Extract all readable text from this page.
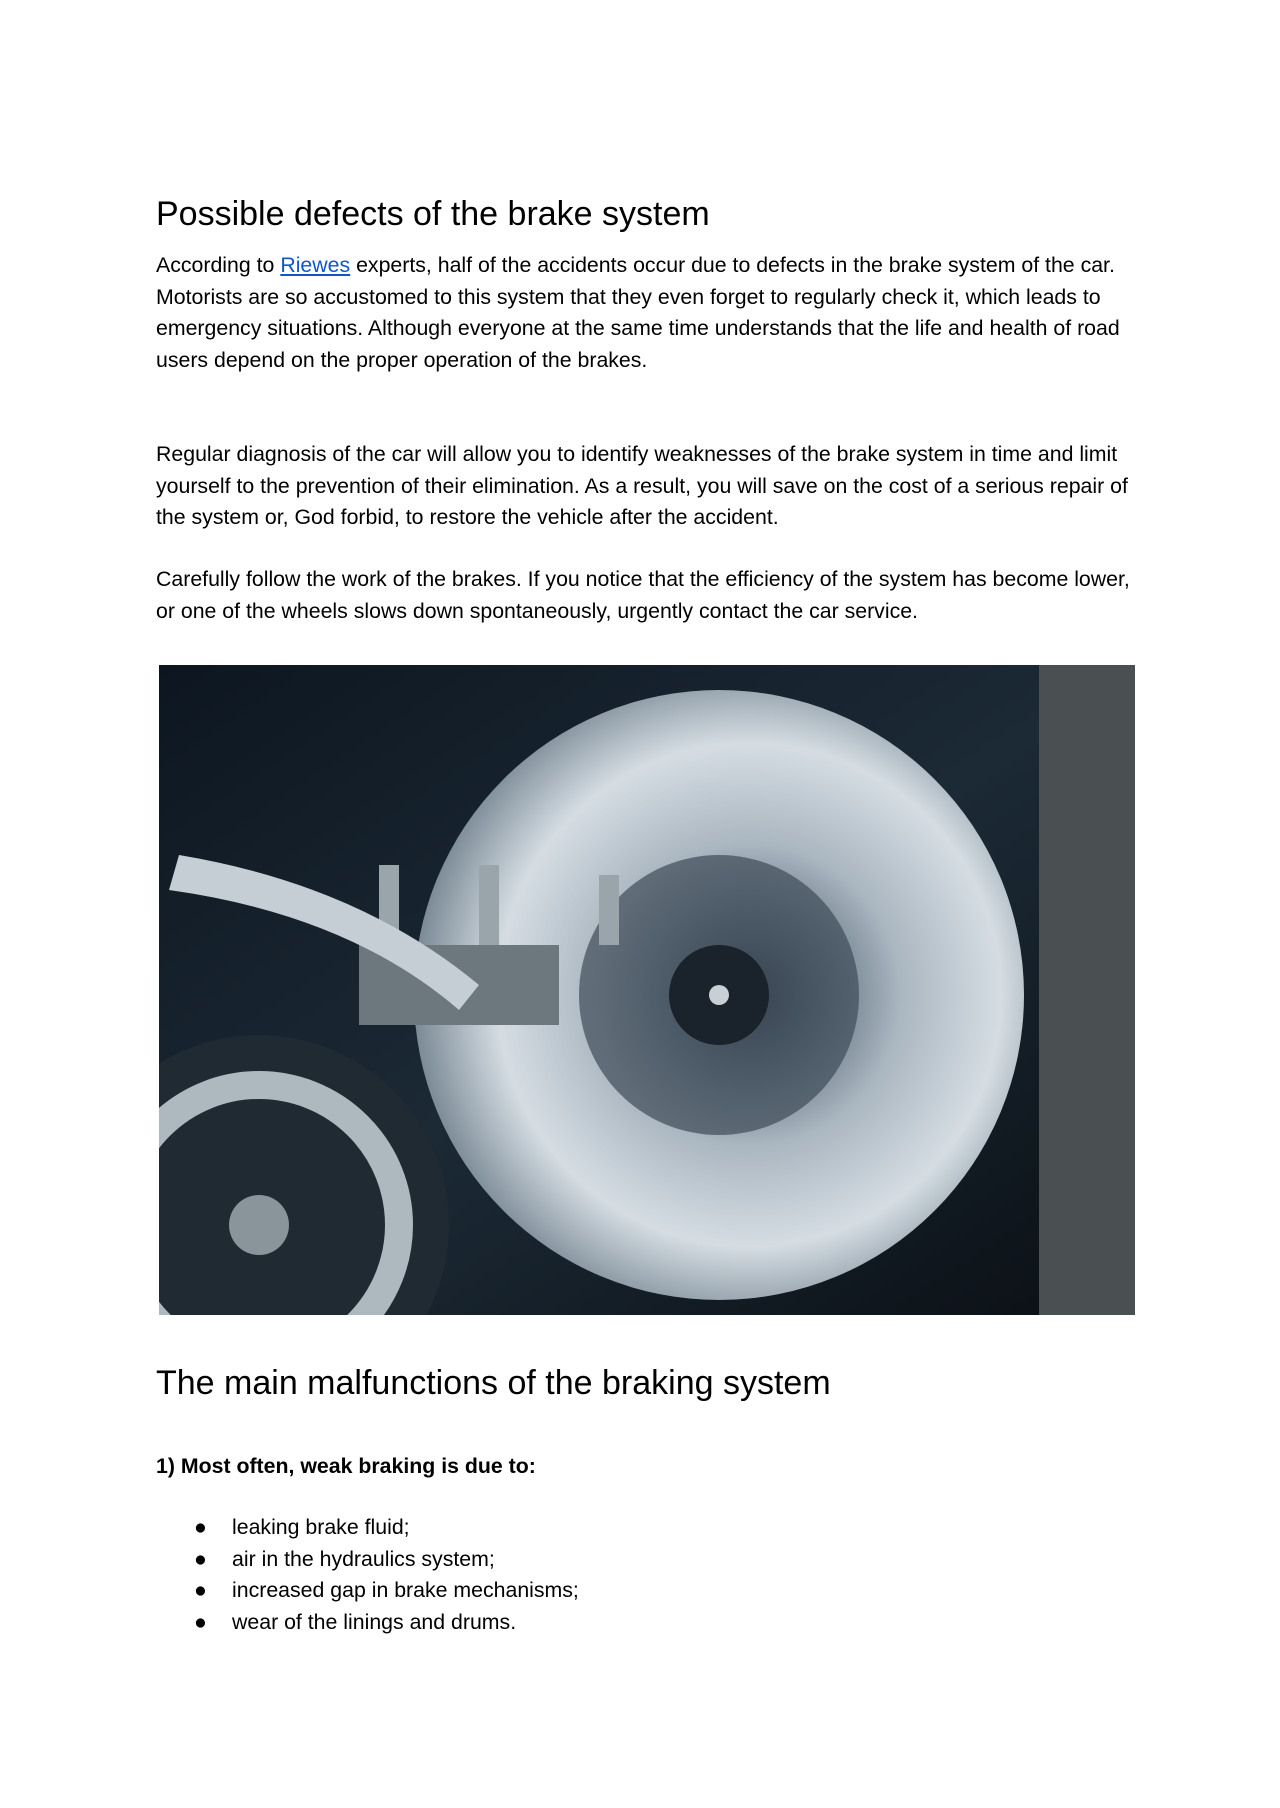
Possible defects of the brake system

According to Riewes experts, half of the accidents occur due to defects in the brake system of the car. Motorists are so accustomed to this system that they even forget to regularly check it, which leads to emergency situations. Although everyone at the same time understands that the life and health of road users depend on the proper operation of the brakes.

Regular diagnosis of the car will allow you to identify weaknesses of the brake system in time and limit yourself to the prevention of their elimination. As a result, you will save on the cost of a serious repair of the system or, God forbid, to restore the vehicle after the accident.

Carefully follow the work of the brakes. If you notice that the efficiency of the system has become lower, or one of the wheels slows down spontaneously, urgently contact the car service.

The main malfunctions of the braking system
1) Most often, weak braking is due to:
● leaking brake fluid;
● air in the hydraulics system;
● increased gap in brake mechanisms;
● wear of the linings and drums.
